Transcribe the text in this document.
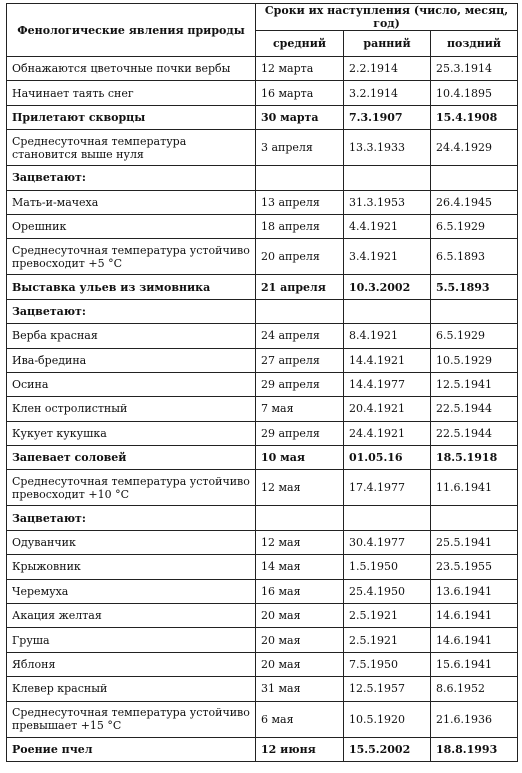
Фенологические явления природы	Сроки их наступления (число, месяц, год)		
	средний	ранний	поздний
Обнажаются цветочные почки вербы	12 марта	2.2.1914	25.3.1914
Начинает таять снег	16 марта	3.2.1914	10.4.1895
Прилетают скворцы	30 марта	7.3.1907	15.4.1908
Среднесуточная температура становится выше нуля	3 апреля	13.3.1933	24.4.1929
Зацветают:			
Мать-и-мачеха	13 апреля	31.3.1953	26.4.1945
Орешник	18 апреля	4.4.1921	6.5.1929
Среднесуточная температура устойчиво превосходит +5 °С	20 апреля	3.4.1921	6.5.1893
Выставка ульев из зимовника	21 апреля	10.3.2002	5.5.1893
Зацветают:			
Верба красная	24 апреля	8.4.1921	6.5.1929
Ива-бредина	27 апреля	14.4.1921	10.5.1929
Осина	29 апреля	14.4.1977	12.5.1941
Клен остролистный	7 мая	20.4.1921	22.5.1944
Кукует кукушка	29 апреля	24.4.1921	22.5.1944
Запевает соловей	10 мая	01.05.16	18.5.1918
Среднесуточная температура устойчиво превосходит +10 °С	12 мая	17.4.1977	11.6.1941
Зацветают:			
Одуванчик	12 мая	30.4.1977	25.5.1941
Крыжовник	14 мая	1.5.1950	23.5.1955
Черемуха	16 мая	25.4.1950	13.6.1941
Акация желтая	20 мая	2.5.1921	14.6.1941
Груша	20 мая	2.5.1921	14.6.1941
Яблоня	20 мая	7.5.1950	15.6.1941
Клевер красный	31 мая	12.5.1957	8.6.1952
Среднесуточная температура устойчиво превышает +15 °С	6 мая	10.5.1920	21.6.1936
Роение пчел	12 июня	15.5.2002	18.8.1993
